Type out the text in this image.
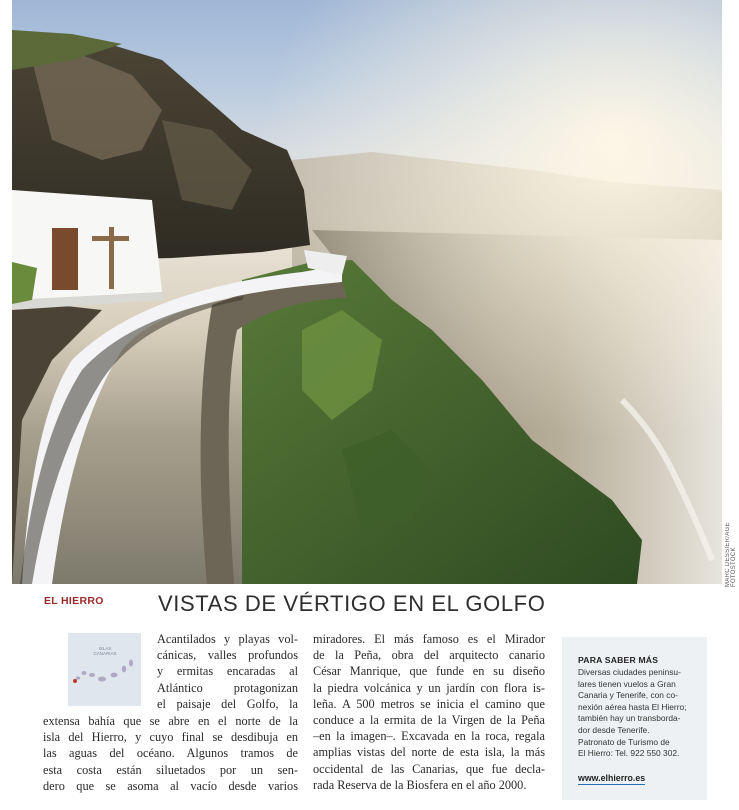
MARC DESSIER/AGE FOTOSTOCK
EL HIERRO VISTAS DE VÉRTIGO EN EL GOLFO
ISLAS CANARIAS
Acantilados y playas vol-
cánicas, valles profundos
y ermitas encaradas al
Atlántico protagonizan
el paisaje del Golfo, la
extensa bahía que se abre en el norte de la
isla del Hierro, y cuyo final se desdibuja en
las aguas del océano. Algunos tramos de
esta costa están siluetados por un sen-
dero que se asoma al vacío desde varios
miradores. El más famoso es el Mirador
de la Peña, obra del arquitecto canario
César Manrique, que funde en su diseño
la piedra volcánica y un jardín con flora is-
leña. A 500 metros se inicia el camino que
conduce a la ermita de la Virgen de la Peña
–en la imagen–. Excavada en la roca, regala
amplias vistas del norte de esta isla, la más
occidental de las Canarias, que fue decla-
rada Reserva de la Biosfera en el año 2000.
PARA SABER MÁS
Diversas ciudades peninsu-
lares tienen vuelos a Gran
Canaria y Tenerife, con co-
nexión aérea hasta El Hierro;
también hay un transborda-
dor desde Tenerife.
Patronato de Turismo de
El Hierro: Tel. 922 550 302.
www.elhierro.es
